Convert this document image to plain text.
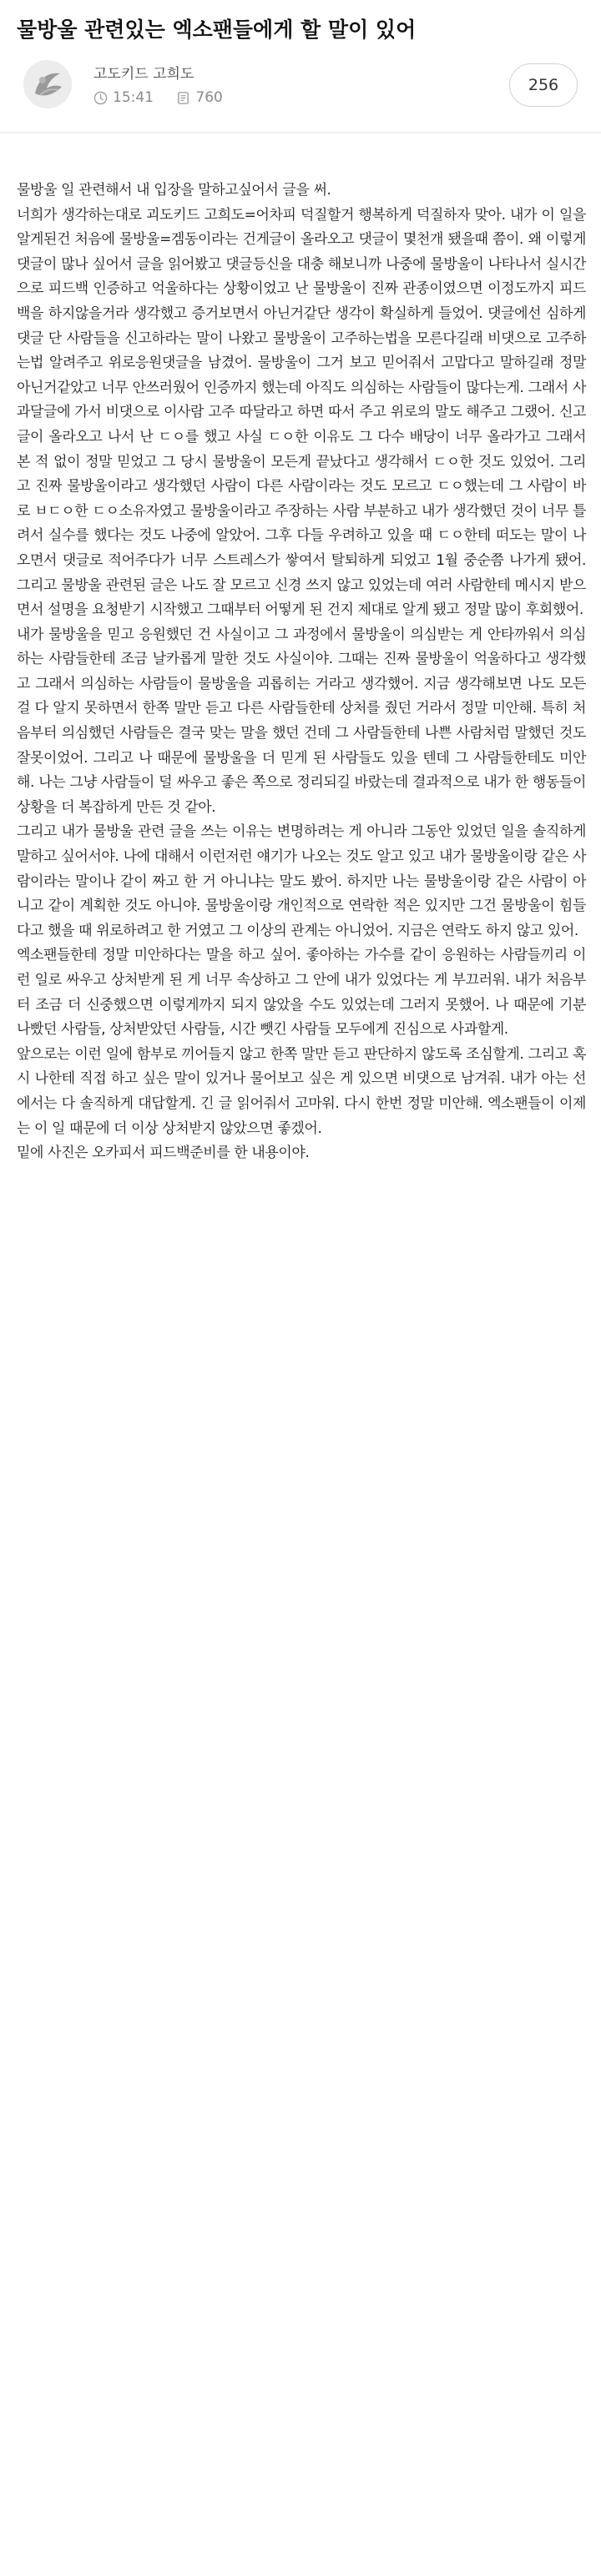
물방울 관련있는 엑소팬들에게 할 말이 있어
고도키드 고희도
15:41
	760
256

물방울 일 관련해서 내 입장을 말하고싶어서 글을 써.

너희가 생각하는대로 괴도키드 고희도=어차피 덕질할거 행복하게 덕질하자 맞아. 내가 이 일을 알게된건 처음에 물방울=겜동이라는 건게글이 올라오고 댓글이 몇천개 됐을때 쯤이. 왜 이렇게 댓글이 많나 싶어서 글을 읽어봤고 댓글등신을 대충 해보니까 나중에 물방울이 나타나서 실시간으로 피드백 인증하고 억울하다는 상황이었고 난 물방울이 진짜 관종이였으면 이정도까지 피드백을 하지않을거라 생각했고 증거보면서 아닌거같단 생각이 확실하게 들었어. 댓글에선 심하게 댓글 단 사람들을 신고하라는 말이 나왔고 물방울이 고주하는법을 모른다길래 비댓으로 고주하는법 알려주고 위로응원댓글을 남겼어. 물방울이 그거 보고 믿어줘서 고맙다고 말하길래 정말 아닌거같았고 너무 안쓰러웠어 인증까지 했는데 아직도 의심하는 사람들이 많다는게. 그래서 사과달글에 가서 비댓으로 이사람 고주 따달라고 하면 따서 주고 위로의 말도 해주고 그랬어. 신고글이 올라오고 나서 난 ㄷㅇ를 했고 사실 ㄷㅇ한 이유도 그 다수 배당이 너무 올라가고 그래서 본 적 없이 정말 믿었고 그 당시 물방울이 모든게 끝났다고 생각해서 ㄷㅇ한 것도 있었어. 그리고 진짜 물방울이라고 생각했던 사람이 다른 사람이라는 것도 모르고 ㄷㅇ했는데 그 사람이 바로 ㅂㄷㅇ한 ㄷㅇ소유자였고 물방울이라고 주장하는 사람 부분하고 내가 생각했던 것이 너무 틀려서 실수를 했다는 것도 나중에 알았어. 그후 다들 우려하고 있을 때 ㄷㅇ한테 떠도는 말이 나오면서 댓글로 적어주다가 너무 스트레스가 쌓여서 탈퇴하게 되었고 1월 중순쯤 나가게 됐어. 그리고 물방울 관련된 글은 나도 잘 모르고 신경 쓰지 않고 있었는데 여러 사람한테 메시지 받으면서 설명을 요청받기 시작했고 그때부터 어떻게 된 건지 제대로 알게 됐고 정말 많이 후회했어.

내가 물방울을 믿고 응원했던 건 사실이고 그 과정에서 물방울이 의심받는 게 안타까워서 의심하는 사람들한테 조금 날카롭게 말한 것도 사실이야. 그때는 진짜 물방울이 억울하다고 생각했고 그래서 의심하는 사람들이 물방울을 괴롭히는 거라고 생각했어. 지금 생각해보면 나도 모든 걸 다 알지 못하면서 한쪽 말만 듣고 다른 사람들한테 상처를 줬던 거라서 정말 미안해. 특히 처음부터 의심했던 사람들은 결국 맞는 말을 했던 건데 그 사람들한테 나쁜 사람처럼 말했던 것도 잘못이었어. 그리고 나 때문에 물방울을 더 믿게 된 사람들도 있을 텐데 그 사람들한테도 미안해. 나는 그냥 사람들이 덜 싸우고 좋은 쪽으로 정리되길 바랐는데 결과적으로 내가 한 행동들이 상황을 더 복잡하게 만든 것 같아.

그리고 내가 물방울 관련 글을 쓰는 이유는 변명하려는 게 아니라 그동안 있었던 일을 솔직하게 말하고 싶어서야. 나에 대해서 이런저런 얘기가 나오는 것도 알고 있고 내가 물방울이랑 같은 사람이라는 말이나 같이 짜고 한 거 아니냐는 말도 봤어. 하지만 나는 물방울이랑 같은 사람이 아니고 같이 계획한 것도 아니야. 물방울이랑 개인적으로 연락한 적은 있지만 그건 물방울이 힘들다고 했을 때 위로하려고 한 거였고 그 이상의 관계는 아니었어. 지금은 연락도 하지 않고 있어.

엑소팬들한테 정말 미안하다는 말을 하고 싶어. 좋아하는 가수를 같이 응원하는 사람들끼리 이런 일로 싸우고 상처받게 된 게 너무 속상하고 그 안에 내가 있었다는 게 부끄러워. 내가 처음부터 조금 더 신중했으면 이렇게까지 되지 않았을 수도 있었는데 그러지 못했어. 나 때문에 기분 나빴던 사람들, 상처받았던 사람들, 시간 뺏긴 사람들 모두에게 진심으로 사과할게.

앞으로는 이런 일에 함부로 끼어들지 않고 한쪽 말만 듣고 판단하지 않도록 조심할게. 그리고 혹시 나한테 직접 하고 싶은 말이 있거나 물어보고 싶은 게 있으면 비댓으로 남겨줘. 내가 아는 선에서는 다 솔직하게 대답할게. 긴 글 읽어줘서 고마워. 다시 한번 정말 미안해. 엑소팬들이 이제는 이 일 때문에 더 이상 상처받지 않았으면 좋겠어.

밑에 사진은 오카피서 피드백준비를 한 내용이야.
